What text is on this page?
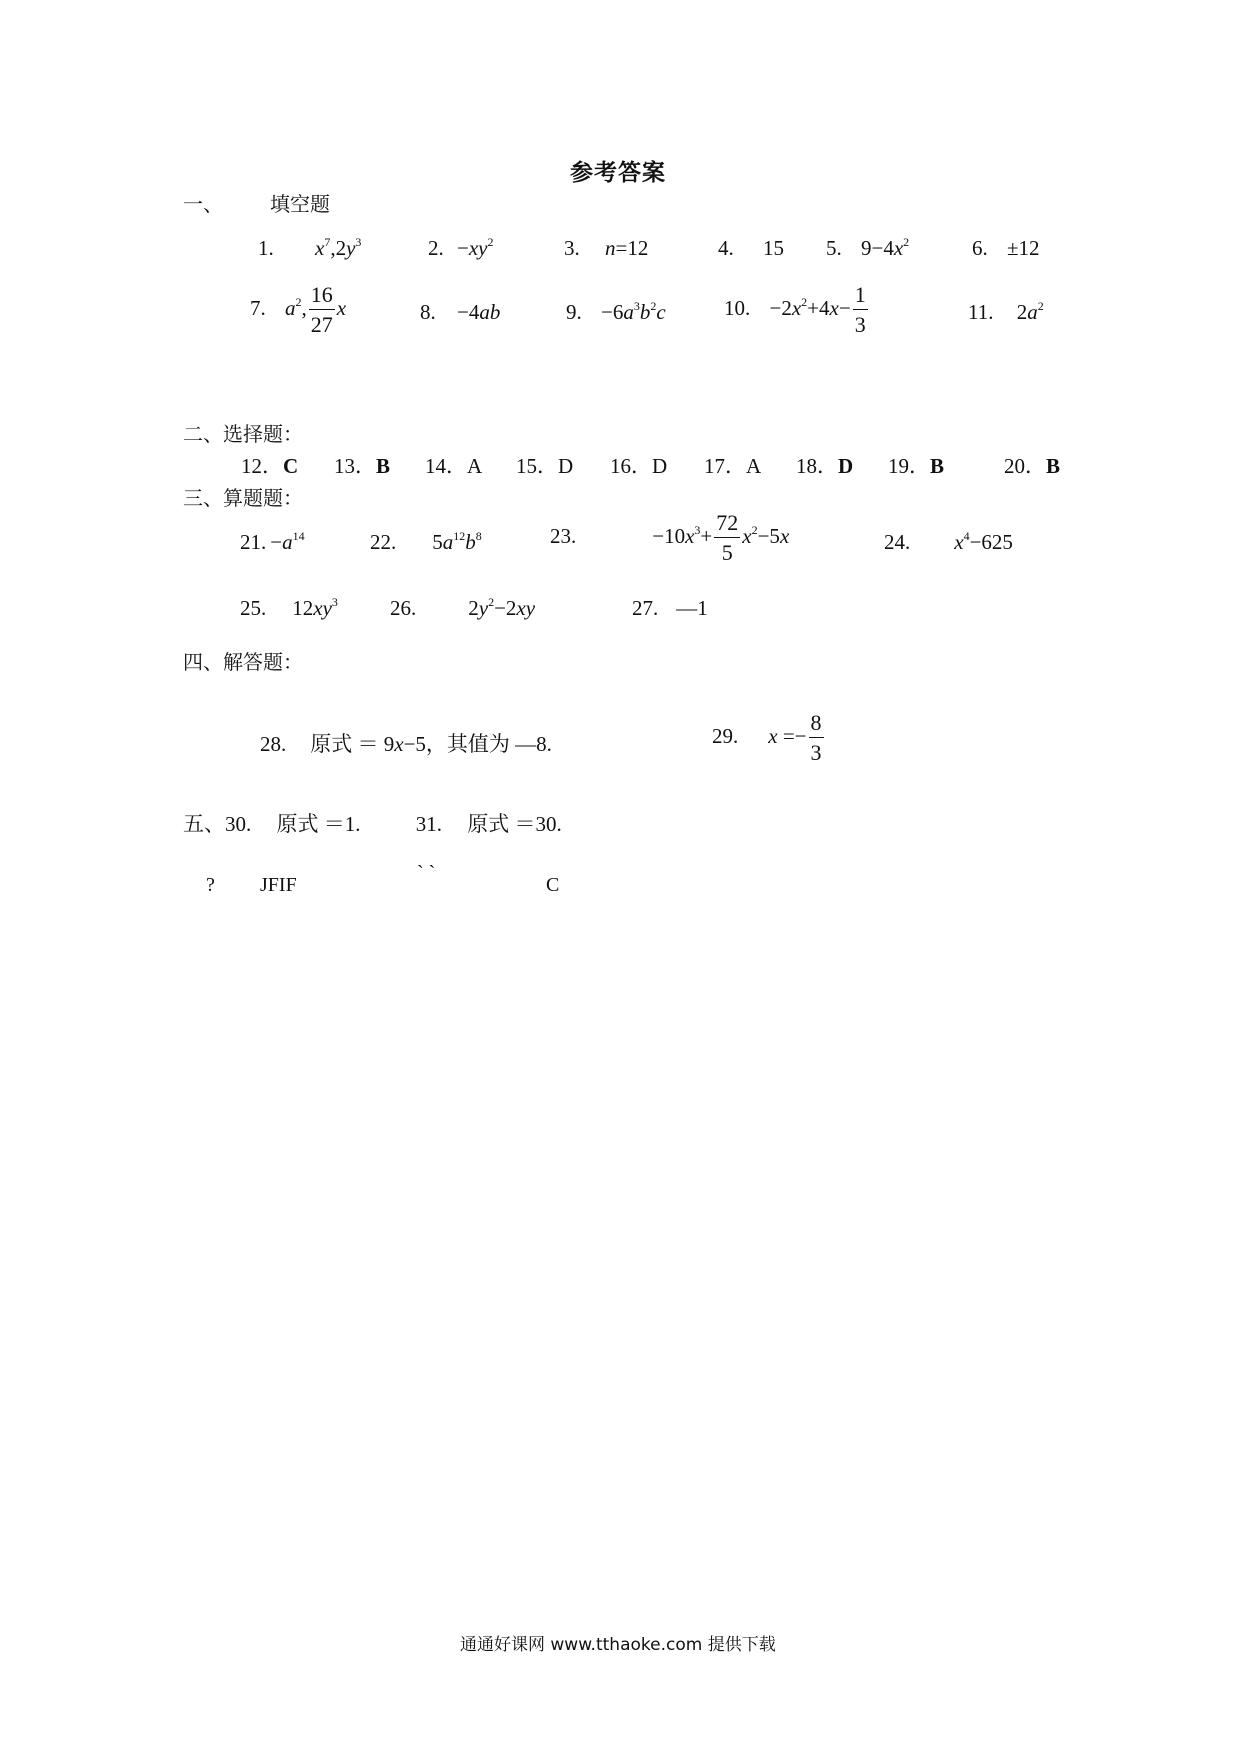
参考答案
一、 填空题
1. $x^7,2y^3$	2. $-xy^2$	3. n=12	4. 15 5. $9-4x^2$	6. ±12
7. $a^2$, $\frac{16}{27}$ x	8. −4ab	9. $-6a^3b^2c$	10. $-2x^2+4x- \frac{1}{3}$	11. $2a^2$
二、选择题：
12．C 13．B 14．A 15．D 16．D 17．A 18．D 19．B	20．B
三、算题题：
21. $-a^{14}$	22. $5a^{12}b^8$	23.	$-10x^3+ \frac{72}{5} x^2-5x$	24. $x^4-625$
25. $12xy^3$ 26. $2y^2-2xy$	27. —1
四、解答题：
28. 原式 ＝ 9x−5，其值为 —8.	29. $x =- \frac{8}{3}$
五、30. 原式 ＝1.	31. 原式 ＝30.
? JFIF
` `
C
通通好课网 www.tthaoke.com 提供下载
